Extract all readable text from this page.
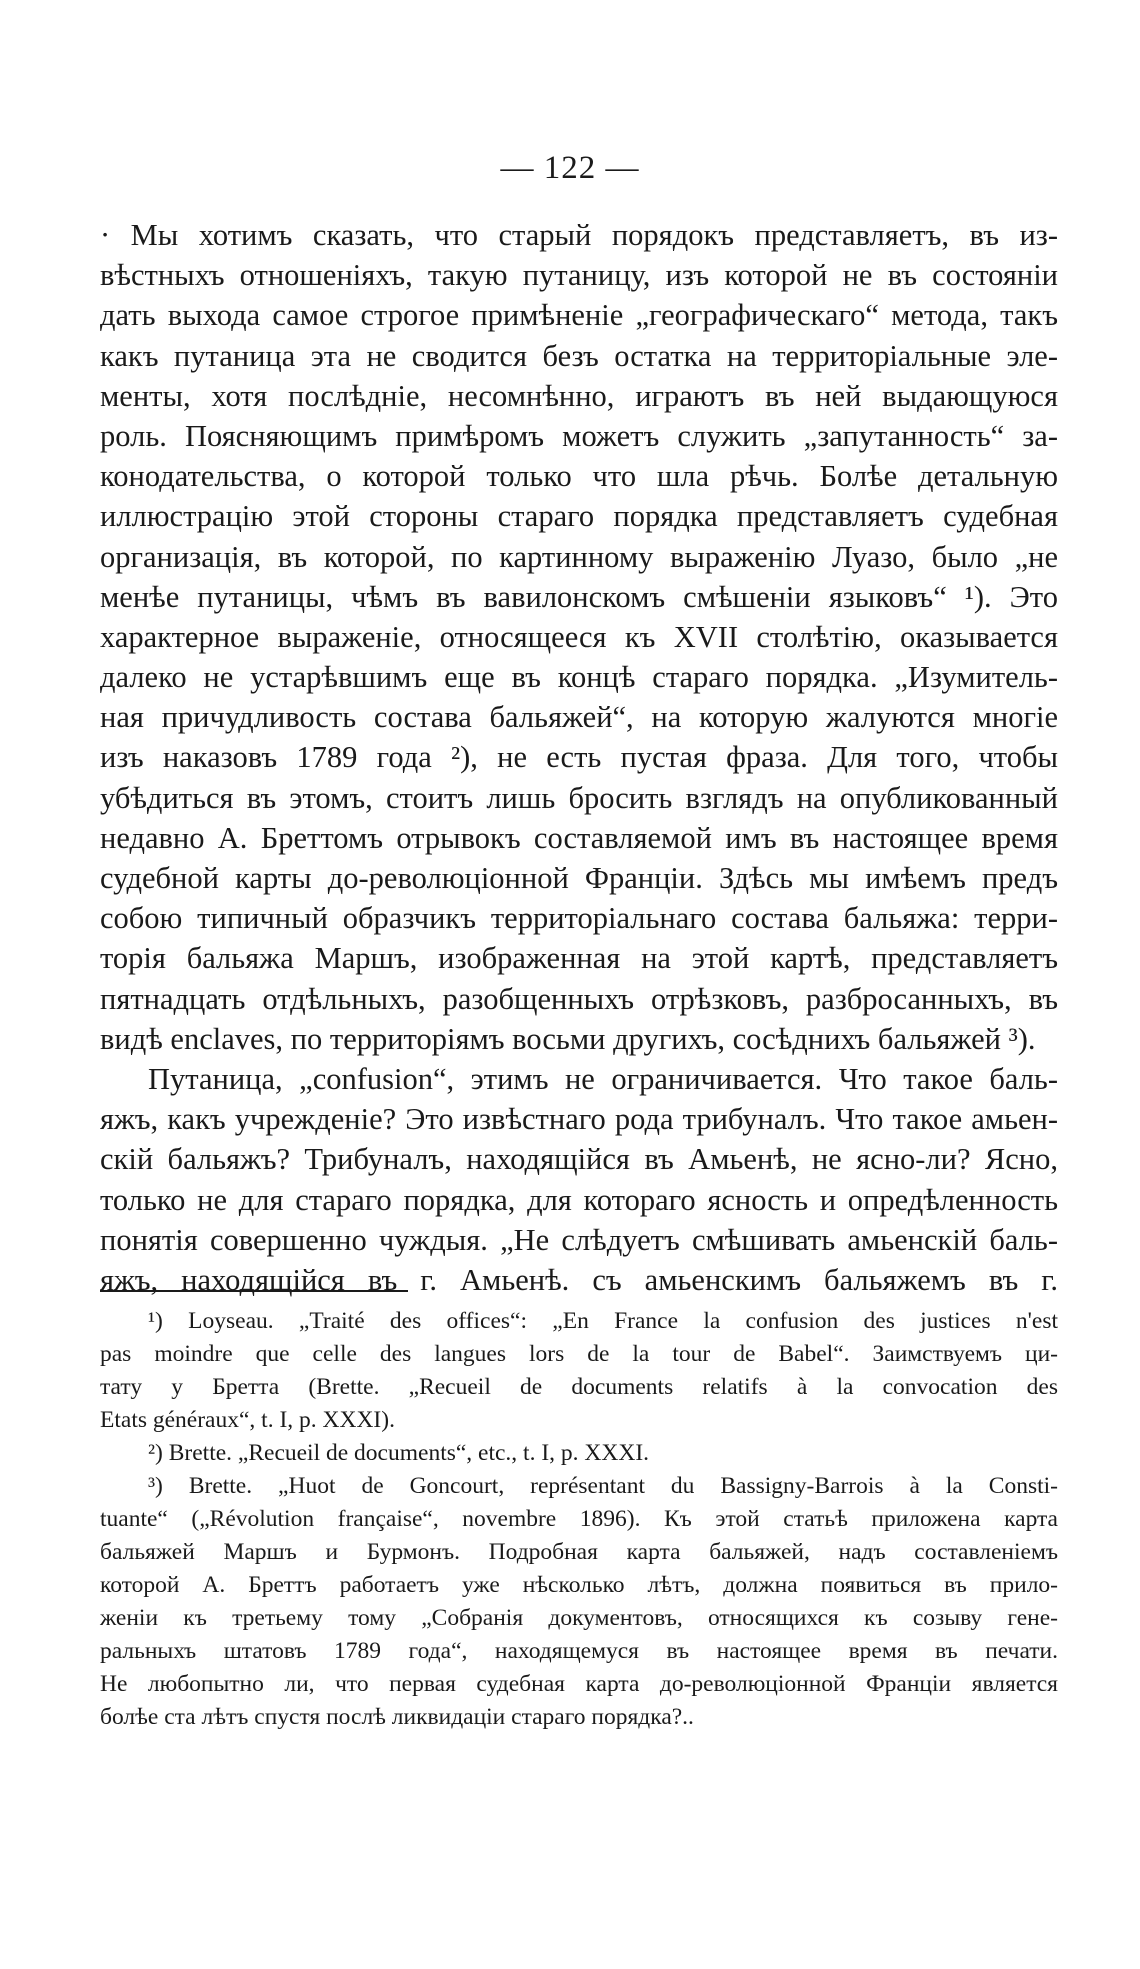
— 122 —
· Мы хотимъ сказать, что старый порядокъ представляетъ, въ из-
вѣстныхъ отношеніяхъ, такую путаницу, изъ которой не въ состояніи
дать выхода самое строгое примѣненіе „географическаго“ метода, такъ
какъ путаница эта не сводится безъ остатка на территоріальные эле-
менты, хотя послѣдніе, несомнѣнно, играютъ въ ней выдающуюся
роль. Поясняющимъ примѣромъ можетъ служить „запутанность“ за-
конодательства, о которой только что шла рѣчь. Болѣе детальную
иллюстрацію этой стороны стараго порядка представляетъ судебная
организація, въ которой, по картинному выраженію Луазо, было „не
менѣе путаницы, чѣмъ въ вавилонскомъ смѣшеніи языковъ“ ¹). Это
характерное выраженіе, относящееся къ XVII столѣтію, оказывается
далеко не устарѣвшимъ еще въ концѣ стараго порядка. „Изумитель-
ная причудливость состава бальяжей“, на которую жалуются многіе
изъ наказовъ 1789 года ²), не есть пустая фраза. Для того, чтобы
убѣдиться въ этомъ, стоитъ лишь бросить взглядъ на опубликованный
недавно А. Бреттомъ отрывокъ составляемой имъ въ настоящее время
судебной карты до-революціонной Франціи. Здѣсь мы имѣемъ предъ
собою типичный образчикъ территоріальнаго состава бальяжа: терри-
торія бальяжа Маршъ, изображенная на этой картѣ, представляетъ
пятнадцать отдѣльныхъ, разобщенныхъ отрѣзковъ, разбросанныхъ, въ
видѣ enclaves, по территоріямъ восьми другихъ, сосѣднихъ бальяжей ³).
Путаница, „confusion“, этимъ не ограничивается. Что такое баль-
яжъ, какъ учрежденіе? Это извѣстнаго рода трибуналъ. Что такое амьен-
скій бальяжъ? Трибуналъ, находящійся въ Амьенѣ, не ясно-ли? Ясно,
только не для стараго порядка, для котораго ясность и опредѣленность
понятія совершенно чуждыя. „Не слѣдуетъ смѣшивать амьенскій баль-
яжъ, находящійся въ г. Амьенѣ. съ амьенскимъ бальяжемъ въ г.
¹) Loyseau. „Traité des offices“: „En France la confusion des justices n'est
pas moindre que celle des langues lors de la tour de Babel“. Заимствуемъ ци-
тату у Бретта (Brette. „Recueil de documents relatifs à la convocation des
Etats généraux“, t. I, p. XXXI).
²) Brette. „Recueil de documents“, etc., t. I, p. XXXI.
³) Brette. „Huot de Goncourt, représentant du Bassigny-Barrois à la Consti-
tuante“ („Révolution française“, novembre 1896). Къ этой статьѣ приложена карта
бальяжей Маршъ и Бурмонъ. Подробная карта бальяжей, надъ составленіемъ
которой А. Бреттъ работаетъ уже нѣсколько лѣтъ, должна появиться въ прило-
женіи къ третьему тому „Собранія документовъ, относящихся къ созыву гене-
ральныхъ штатовъ 1789 года“, находящемуся въ настоящее время въ печати.
Не любопытно ли, что первая судебная карта до-революціонной Франціи является
болѣе ста лѣтъ спустя послѣ ликвидаціи стараго порядка?..
